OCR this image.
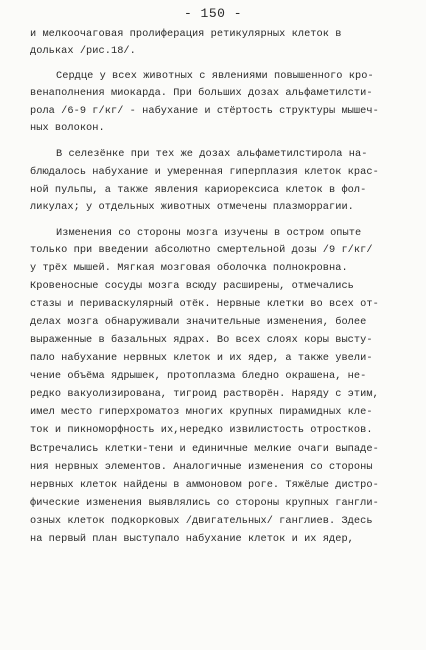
- 150 -
и мелкоочаговая пролиферация ретикулярных клеток в
дольках /рис.18/.
Сердце у всех животных с явлениями повышенного кро-
венаполнения миокарда. При больших дозах альфаметилсти-
рола /6-9 г/кг/ - набухание и стёртость структуры мышеч-
ных волокон.
В селезёнке при тех же дозах альфаметилстирола на-
блюдалось набухание и умеренная гиперплазия клеток крас-
ной пульпы, а также явления кариорексиса клеток в фол-
ликулах; у отдельных животных отмечены плазморрагии.
Изменения со стороны мозга изучены в остром опыте
только при введении абсолютно смертельной дозы /9 г/кг/
у трёх мышей. Мягкая мозговая оболочка полнокровна.
Кровеносные сосуды мозга всюду расширены, отмечались
стазы и периваскулярный отёк. Нервные клетки во всех от-
делах мозга обнаруживали значительные изменения, более
выраженные в базальных ядрах. Во всех слоях коры высту-
пало набухание нервных клеток и их ядер, а также увели-
чение объёма ядрышек, протоплазма бледно окрашена, не-
редко вакуолизирована, тигроид растворён. Наряду с этим,
имел место гиперхроматоз многих крупных пирамидных кле-
ток и пикноморфность их,нередко извилистость отростков.
Встречались клетки-тени и единичные мелкие очаги выпаде-
ния нервных элементов. Аналогичные изменения со стороны
нервных клеток найдены в аммоновом роге. Тяжёлые дистро-
фические изменения выявлялись со стороны крупных гангли-
озных клеток подкорковых /двигательных/ ганглиев. Здесь
на первый план выступало набухание клеток и их ядер,
